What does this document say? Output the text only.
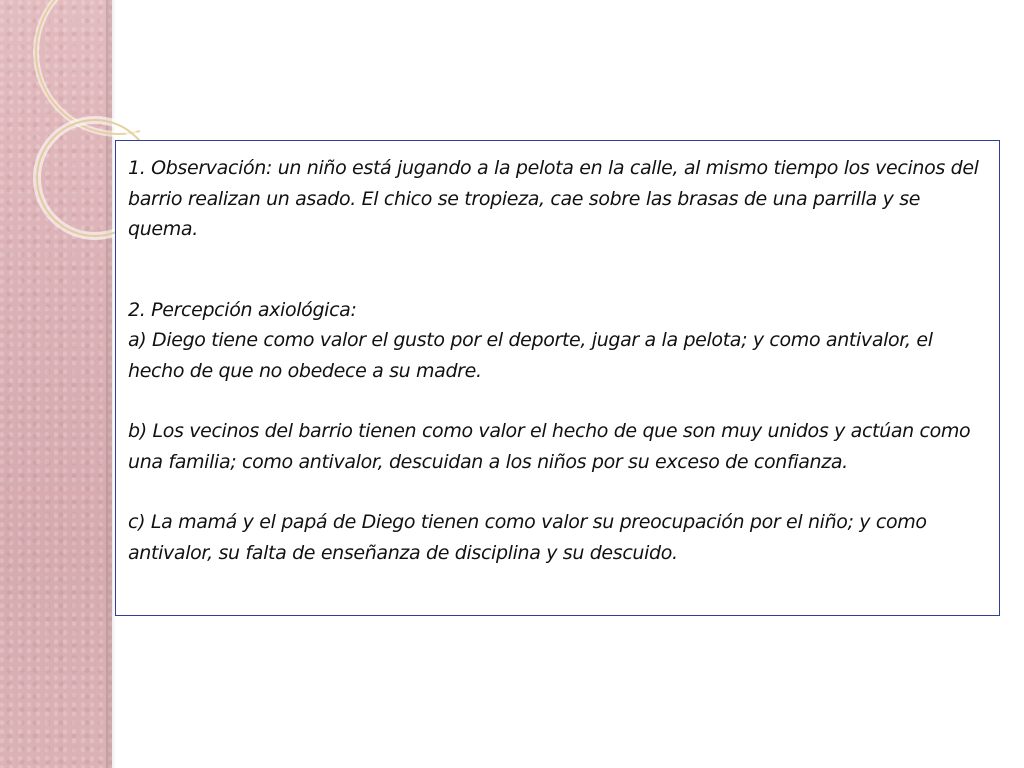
1. Observación: un niño está jugando a la pelota en la calle, al mismo tiempo los vecinos del barrio realizan un asado. El chico se tropieza, cae sobre las brasas de una parrilla y se quema.

2. Percepción axiológica:

a) Diego tiene como valor el gusto por el deporte, jugar a la pelota; y como antivalor, el hecho de que no obedece a su madre.

b) Los vecinos del barrio tienen como valor el hecho de que son muy unidos y actúan como una familia; como antivalor, descuidan a los niños por su exceso de confianza.

c) La mamá y el papá de Diego tienen como valor su preocupación por el niño; y como antivalor, su falta de enseñanza de disciplina y su descuido.
